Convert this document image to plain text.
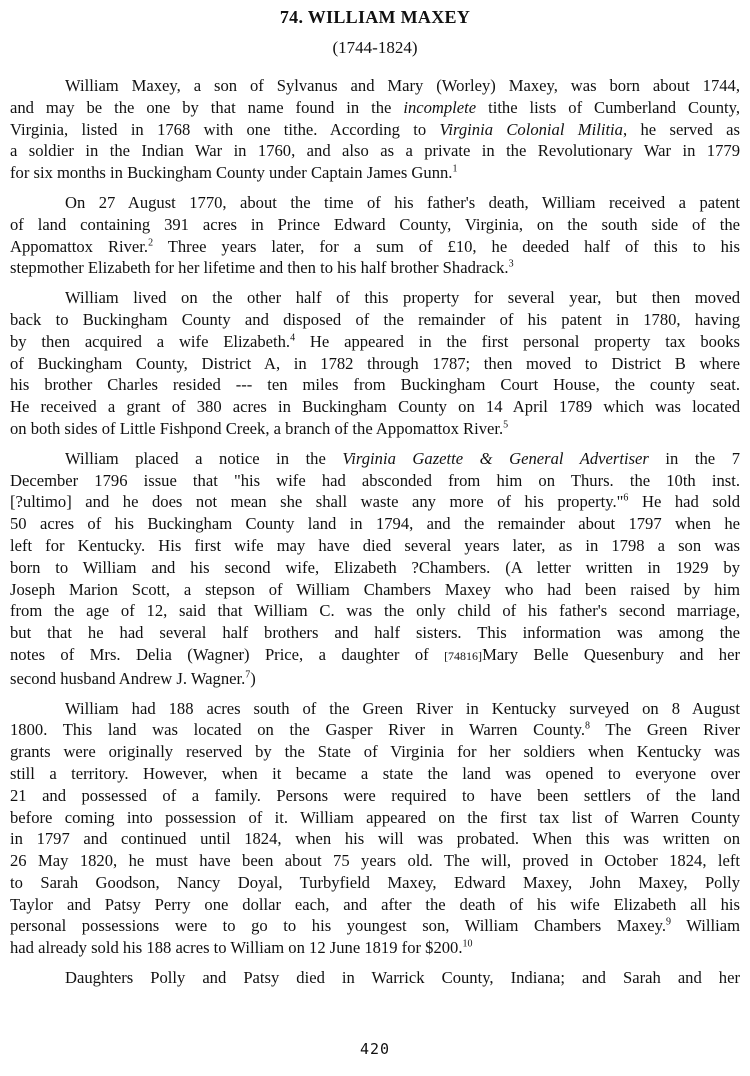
74. WILLIAM MAXEY
(1744-1824)

William Maxey, a son of Sylvanus and Mary (Worley) Maxey, was born about 1744,
and may be the one by that name found in the incomplete tithe lists of Cumberland County,
Virginia, listed in 1768 with one tithe. According to Virginia Colonial Militia, he served as
a soldier in the Indian War in 1760, and also as a private in the Revolutionary War in 1779
for six months in Buckingham County under Captain James Gunn.$^1$

On 27 August 1770, about the time of his father's death, William received a patent
of land containing 391 acres in Prince Edward County, Virginia, on the south side of the
Appomattox River.$^2$ Three years later, for a sum of £10, he deeded half of this to his
stepmother Elizabeth for her lifetime and then to his half brother Shadrack.$^3$

William lived on the other half of this property for several year, but then moved
back to Buckingham County and disposed of the remainder of his patent in 1780, having
by then acquired a wife Elizabeth.$^4$ He appeared in the first personal property tax books
of Buckingham County, District A, in 1782 through 1787; then moved to District B where
his brother Charles resided --- ten miles from Buckingham Court House, the county seat.
He received a grant of 380 acres in Buckingham County on 14 April 1789 which was located
on both sides of Little Fishpond Creek, a branch of the Appomattox River.$^5$

William placed a notice in the Virginia Gazette & General Advertiser in the 7
December 1796 issue that "his wife had absconded from him on Thurs. the 10th inst.
[?ultimo] and he does not mean she shall waste any more of his property."$^6$ He had sold
50 acres of his Buckingham County land in 1794, and the remainder about 1797 when he
left for Kentucky. His first wife may have died several years later, as in 1798 a son was
born to William and his second wife, Elizabeth ?Chambers. (A letter written in 1929 by
Joseph Marion Scott, a stepson of William Chambers Maxey who had been raised by him
from the age of 12, said that William C. was the only child of his father's second marriage,
but that he had several half brothers and half sisters. This information was among the
notes of Mrs. Delia (Wagner) Price, a daughter of [74816]Mary Belle Quesenbury and her
second husband Andrew J. Wagner.$^7$)

William had 188 acres south of the Green River in Kentucky surveyed on 8 August
1800. This land was located on the Gasper River in Warren County.$^8$ The Green River
grants were originally reserved by the State of Virginia for her soldiers when Kentucky was
still a territory. However, when it became a state the land was opened to everyone over
21 and possessed of a family. Persons were required to have been settlers of the land
before coming into possession of it. William appeared on the first tax list of Warren County
in 1797 and continued until 1824, when his will was probated. When this was written on
26 May 1820, he must have been about 75 years old. The will, proved in October 1824, left
to Sarah Goodson, Nancy Doyal, Turbyfield Maxey, Edward Maxey, John Maxey, Polly
Taylor and Patsy Perry one dollar each, and after the death of his wife Elizabeth all his
personal possessions were to go to his youngest son, William Chambers Maxey.$^9$ William
had already sold his 188 acres to William on 12 June 1819 for $200.10

Daughters Polly and Patsy died in Warrick County, Indiana; and Sarah and her

420
